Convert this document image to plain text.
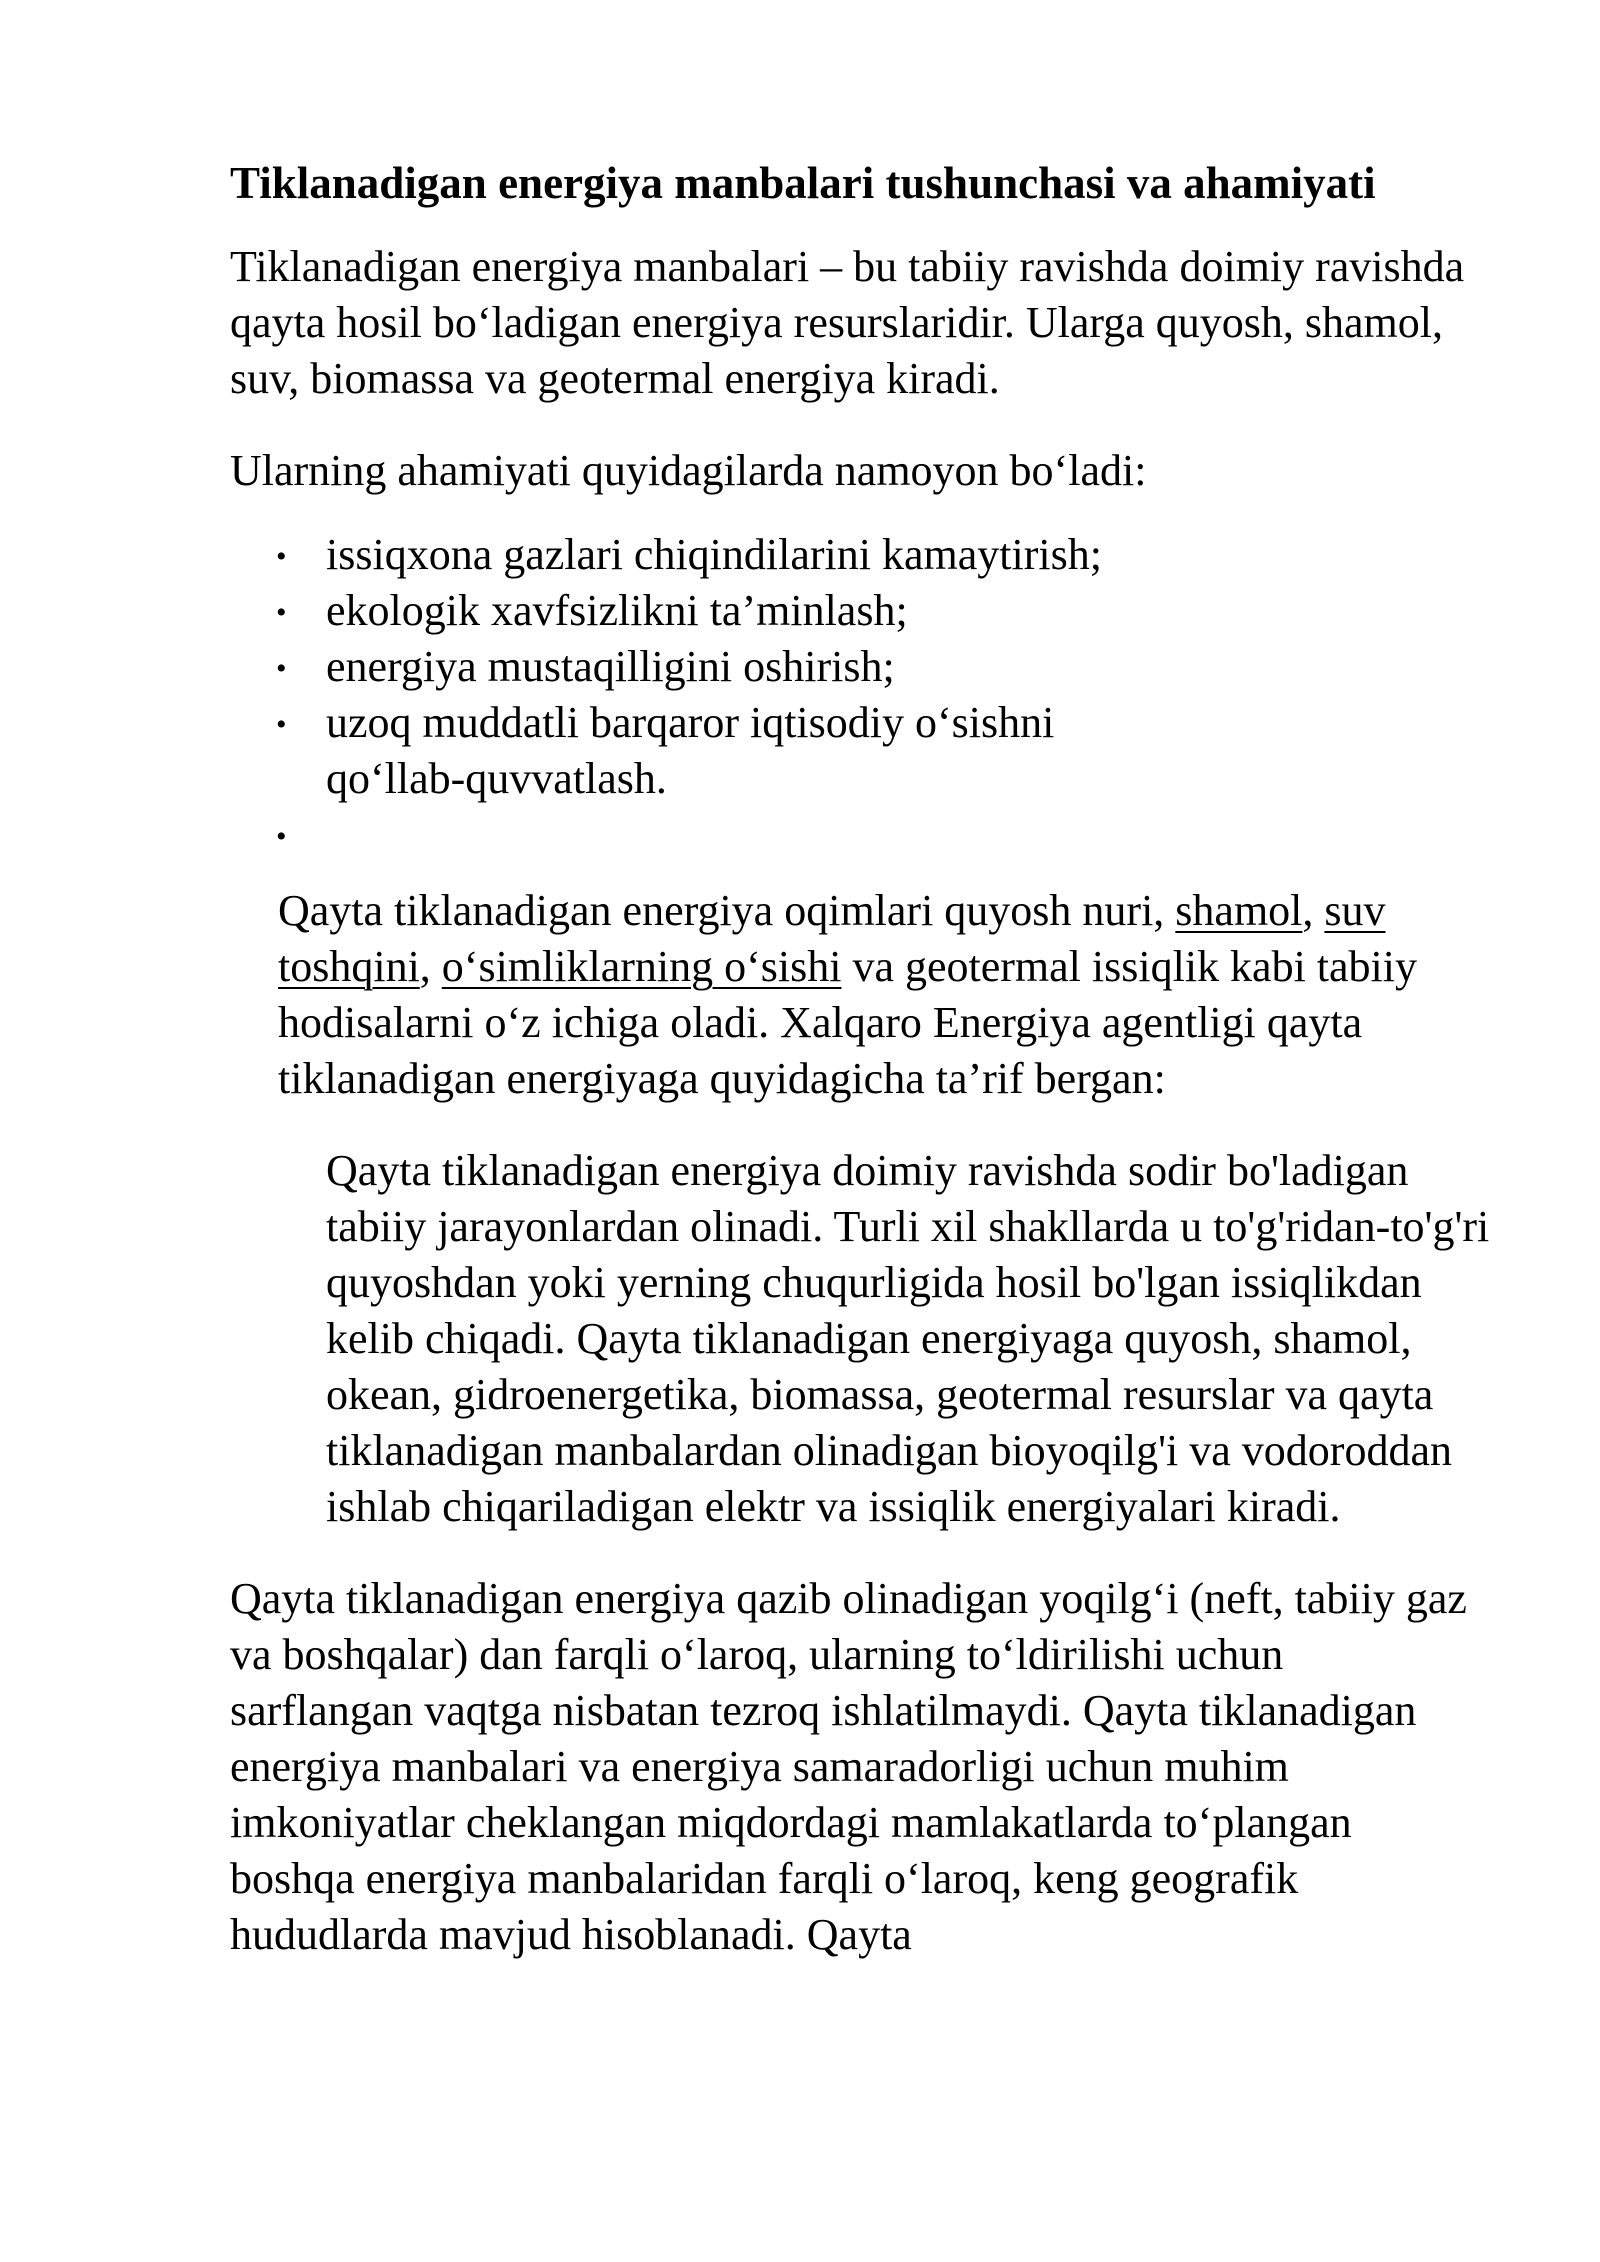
Tiklanadigan energiya manbalari tushunchasi va ahamiyati
Tiklanadigan energiya manbalari – bu tabiiy ravishda doimiy ravishda qayta hosil bo‘ladigan energiya resurslaridir. Ularga quyosh, shamol, suv, biomassa va geotermal energiya kiradi.
Ularning ahamiyati quyidagilarda namoyon bo‘ladi:
• issiqxona gazlari chiqindilarini kamaytirish;
• ekologik xavfsizlikni ta’minlash;
• energiya mustaqilligini oshirish;
• uzoq muddatli barqaror iqtisodiy o‘sishni qo‘llab-quvvatlash.
•
Qayta tiklanadigan energiya oqimlari quyosh nuri, shamol, suv toshqini, o‘simliklarning o‘sishi va geotermal issiqlik kabi tabiiy hodisalarni o‘z ichiga oladi. Xalqaro Energiya agentligi qayta tiklanadigan energiyaga quyidagicha ta’rif bergan:
Qayta tiklanadigan energiya doimiy ravishda sodir bo'ladigan tabiiy jarayonlardan olinadi. Turli xil shakllarda u to'g'ridan-to'g'ri quyoshdan yoki yerning chuqurligida hosil bo'lgan issiqlikdan kelib chiqadi. Qayta tiklanadigan energiyaga quyosh, shamol, okean, gidroenergetika, biomassa, geotermal resurslar va qayta tiklanadigan manbalardan olinadigan bioyoqilg'i va vodoroddan ishlab chiqariladigan elektr va issiqlik energiyalari kiradi.
Qayta tiklanadigan energiya qazib olinadigan yoqilg‘i (neft, tabiiy gaz va boshqalar) dan farqli o‘laroq, ularning to‘ldirilishi uchun sarflangan vaqtga nisbatan tezroq ishlatilmaydi. Qayta tiklanadigan energiya manbalari va energiya samaradorligi uchun muhim imkoniyatlar cheklangan miqdordagi mamlakatlarda to‘plangan boshqa energiya manbalaridan farqli o‘laroq, keng geografik hududlarda mavjud hisoblanadi. Qayta
